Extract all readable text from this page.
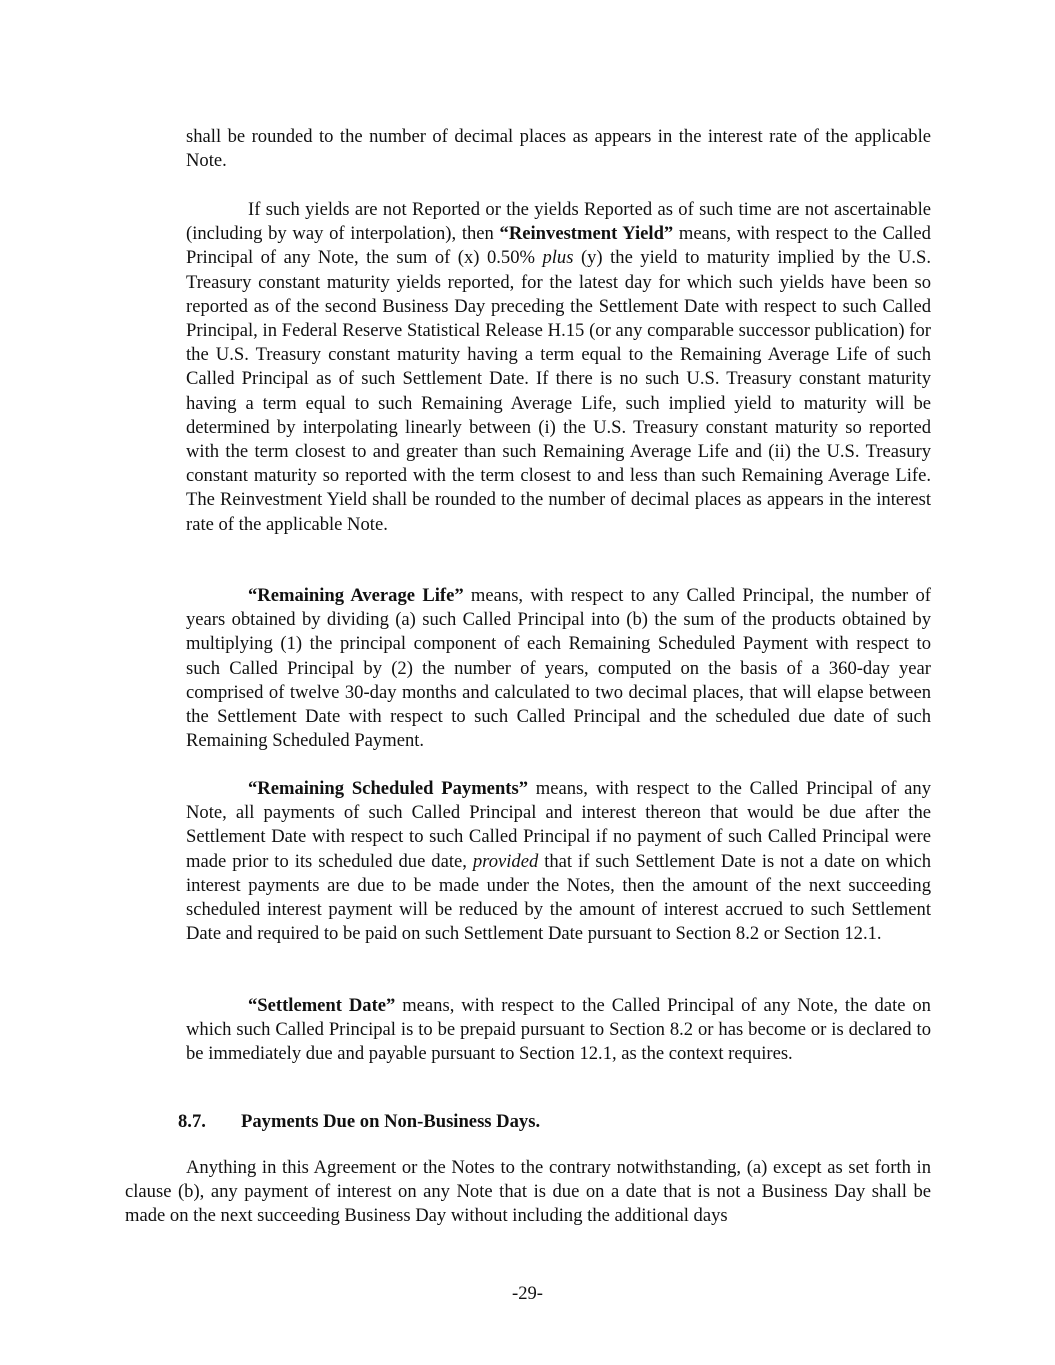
shall be rounded to the number of decimal places as appears in the interest rate of the applicable Note.

If such yields are not Reported or the yields Reported as of such time are not ascertainable (including by way of interpolation), then “Reinvestment Yield” means, with respect to the Called Principal of any Note, the sum of (x) 0.50% plus (y) the yield to maturity implied by the U.S. Treasury constant maturity yields reported, for the latest day for which such yields have been so reported as of the second Business Day preceding the Settlement Date with respect to such Called Principal, in Federal Reserve Statistical Release H.15 (or any comparable successor publication) for the U.S. Treasury constant maturity having a term equal to the Remaining Average Life of such Called Principal as of such Settlement Date. If there is no such U.S. Treasury constant maturity having a term equal to such Remaining Average Life, such implied yield to maturity will be determined by interpolating linearly between (i) the U.S. Treasury constant maturity so reported with the term closest to and greater than such Remaining Average Life and (ii) the U.S. Treasury constant maturity so reported with the term closest to and less than such Remaining Average Life. The Reinvestment Yield shall be rounded to the number of decimal places as appears in the interest rate of the applicable Note.

“Remaining Average Life” means, with respect to any Called Principal, the number of years obtained by dividing (a) such Called Principal into (b) the sum of the products obtained by multiplying (1) the principal component of each Remaining Scheduled Payment with respect to such Called Principal by (2) the number of years, computed on the basis of a 360-day year comprised of twelve 30-day months and calculated to two decimal places, that will elapse between the Settlement Date with respect to such Called Principal and the scheduled due date of such Remaining Scheduled Payment.

“Remaining Scheduled Payments” means, with respect to the Called Principal of any Note, all payments of such Called Principal and interest thereon that would be due after the Settlement Date with respect to such Called Principal if no payment of such Called Principal were made prior to its scheduled due date, provided that if such Settlement Date is not a date on which interest payments are due to be made under the Notes, then the amount of the next succeeding scheduled interest payment will be reduced by the amount of interest accrued to such Settlement Date and required to be paid on such Settlement Date pursuant to Section 8.2 or Section 12.1.

“Settlement Date” means, with respect to the Called Principal of any Note, the date on which such Called Principal is to be prepaid pursuant to Section 8.2 or has become or is declared to be immediately due and payable pursuant to Section 12.1, as the context requires.

8.7. Payments Due on Non-Business Days.

Anything in this Agreement or the Notes to the contrary notwithstanding, (a) except as set forth in clause (b), any payment of interest on any Note that is due on a date that is not a Business Day shall be made on the next succeeding Business Day without including the additional days

-29-
